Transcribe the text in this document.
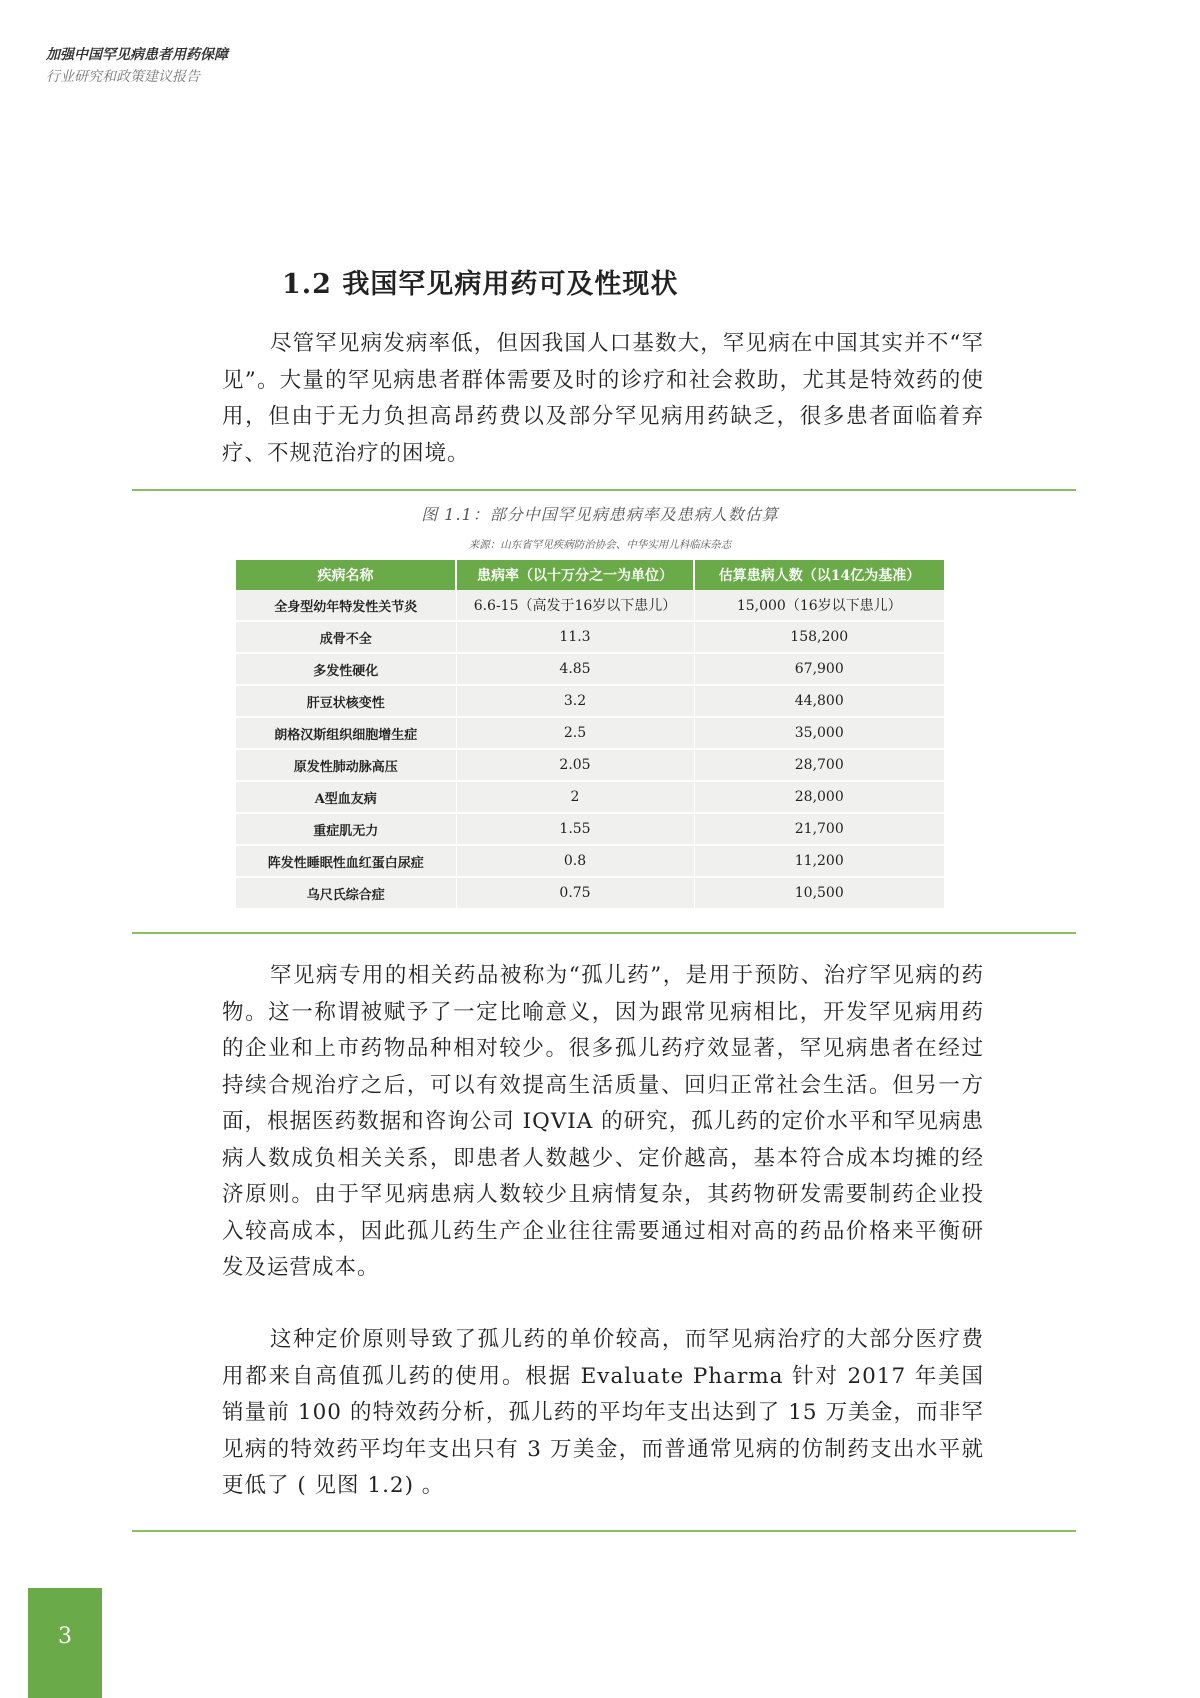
加强中国罕见病患者用药保障
行业研究和政策建议报告
1.2 我国罕见病用药可及性现状

尽管罕见病发病率低，但因我国人口基数大，罕见病在中国其实并不“罕见”。大量的罕见病患者群体需要及时的诊疗和社会救助，尤其是特效药的使用，但由于无力负担高昂药费以及部分罕见病用药缺乏，很多患者面临着弃疗、不规范治疗的困境。

图 1.1：部分中国罕见病患病率及患病人数估算
来源：山东省罕见疾病防治协会、中华实用儿科临床杂志
疾病名称	患病率（以十万分之一为单位）	估算患病人数（以14亿为基准）
全身型幼年特发性关节炎	6.6-15（高发于16岁以下患儿）	15,000（16岁以下患儿）
成骨不全	11.3	158,200
多发性硬化	4.85	67,900
肝豆状核变性	3.2	44,800
朗格汉斯组织细胞增生症	2.5	35,000
原发性肺动脉高压	2.05	28,700
A型血友病	2	28,000
重症肌无力	1.55	21,700
阵发性睡眠性血红蛋白尿症	0.8	11,200
乌尺氏综合症	0.75	10,500

罕见病专用的相关药品被称为“孤儿药”，是用于预防、治疗罕见病的药物。这一称谓被赋予了一定比喻意义，因为跟常见病相比，开发罕见病用药的企业和上市药物品种相对较少。很多孤儿药疗效显著，罕见病患者在经过持续合规治疗之后，可以有效提高生活质量、回归正常社会生活。但另一方面，根据医药数据和咨询公司 IQVIA 的研究，孤儿药的定价水平和罕见病患病人数成负相关关系，即患者人数越少、定价越高，基本符合成本均摊的经济原则。由于罕见病患病人数较少且病情复杂，其药物研发需要制药企业投入较高成本，因此孤儿药生产企业往往需要通过相对高的药品价格来平衡研发及运营成本。

这种定价原则导致了孤儿药的单价较高，而罕见病治疗的大部分医疗费用都来自高值孤儿药的使用。根据 Evaluate Pharma 针对 2017 年美国销量前 100 的特效药分析，孤儿药的平均年支出达到了 15 万美金，而非罕见病的特效药平均年支出只有 3 万美金，而普通常见病的仿制药支出水平就更低了 ( 见图 1.2) 。

3
